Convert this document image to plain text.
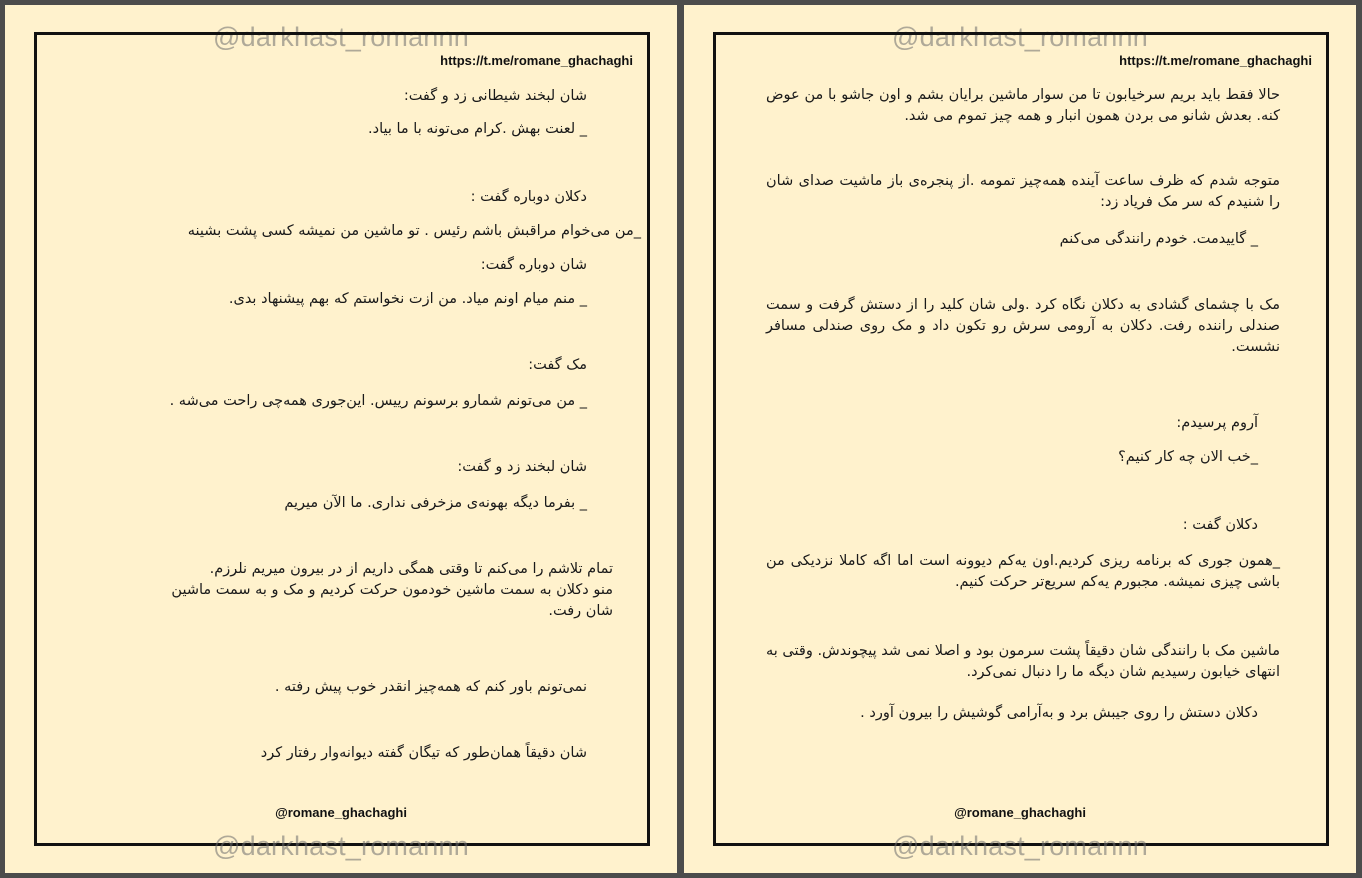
@darkhast_romannn
https://t.me/romane_ghachaghi
شان لبخند شیطانی زد و گفت:
_ لعنت بهش .کرام می‌تونه با ما بیاد.
دکلان دوباره گفت :
_من می‌خوام مراقبش باشم رئیس . تو ماشین من نمیشه کسی پشت بشینه
شان دوباره گفت:
_ منم میام اونم میاد. من ازت نخواستم که بهم پیشنهاد بدی.
مک گفت:
_ من می‌تونم شمارو برسونم رییس. این‌جوری همه‌چی راحت می‌شه .
شان لبخند زد و گفت:
_ بفرما دیگه بهونه‌ی مزخرفی نداری. ما الآن میریم
تمام تلاشم را می‌کنم تا وقتی همگی داریم از در بیرون میریم نلرزم.
منو دکلان به سمت ماشین خودمون حرکت کردیم و مک و به سمت ماشین
شان رفت.
نمی‌تونم باور کنم که همه‌چیز انقدر خوب پیش رفته .
شان دقیقاً همان‌طور که تیگان گفته دیوانه‌وار رفتار کرد
@romane_ghachaghi
@darkhast_romannn
@darkhast_romannn
https://t.me/romane_ghachaghi
حالا فقط باید بریم سرخیابون تا من سوار ماشین برایان بشم و اون جاشو با من عوض کنه. بعدش شانو می بردن همون انبار و همه چیز تموم می شد.
متوجه شدم که ظرف ساعت آینده همه‌چیز تمومه .از پنجره‌ی باز ماشیت صدای شان را شنیدم که سر مک فریاد زد:
_ گاییدمت. خودم رانندگی می‌کنم
مک با چشمای گشادی به دکلان نگاه کرد .ولی شان کلید را از دستش گرفت و سمت صندلی راننده رفت. دکلان به آرومی سرش رو تکون داد و مک روی صندلی مسافر نشست.
آروم پرسیدم:
_خب الان چه کار کنیم؟
دکلان گفت :
_همون جوری که برنامه ریزی کردیم.اون یه‌کم دیوونه است اما اگه کاملا نزدیکی من باشی چیزی نمیشه. مجبورم یه‌کم سریع‌تر حرکت کنیم.
ماشین مک با رانندگی شان دقیقاً پشت سرمون بود و اصلا نمی شد پیچوندش. وقتی به انتهای خیابون رسیدیم شان دیگه ما را دنبال نمی‌کرد.
دکلان دستش را روی جیبش برد و به‌آرامی گوشیش را بیرون آورد .
@romane_ghachaghi
@darkhast_romannn
